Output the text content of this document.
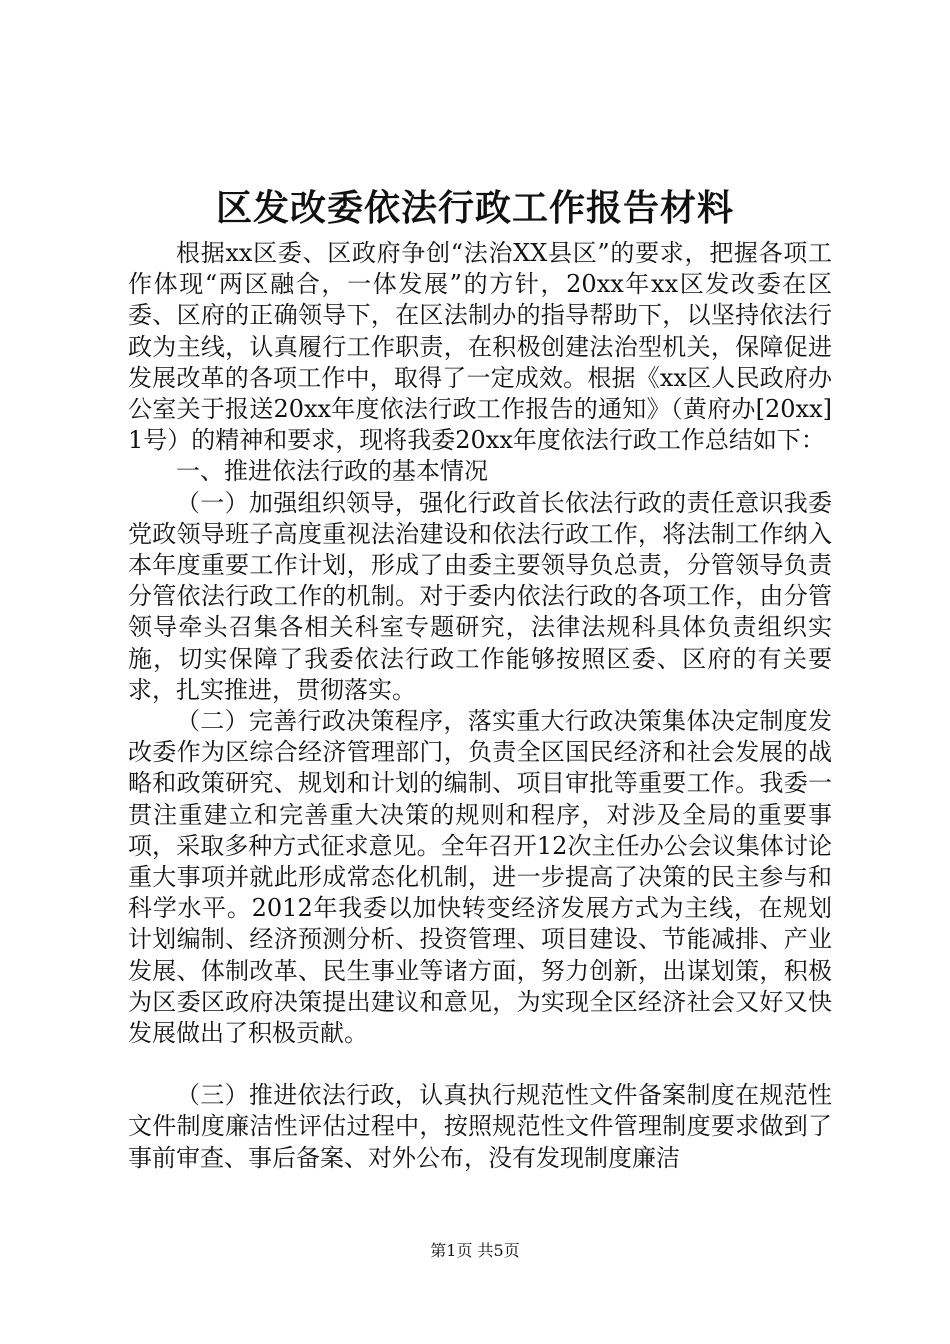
区发改委依法行政工作报告材料

根据xx区委、区政府争创“法治XX县区”的要求，把握各项工作体现“两区融合，一体发展”的方针，20xx年xx区发改委在区委、区府的正确领导下，在区法制办的指导帮助下，以坚持依法行政为主线，认真履行工作职责，在积极创建法治型机关，保障促进发展改革的各项工作中，取得了一定成效。根据《xx区人民政府办公室关于报送20xx年度依法行政工作报告的通知》（黄府办[20xx]1号）的精神和要求，现将我委20xx年度依法行政工作总结如下：

一、推进依法行政的基本情况

（一）加强组织领导，强化行政首长依法行政的责任意识我委党政领导班子高度重视法治建设和依法行政工作，将法制工作纳入本年度重要工作计划，形成了由委主要领导负总责，分管领导负责分管依法行政工作的机制。对于委内依法行政的各项工作，由分管领导牵头召集各相关科室专题研究，法律法规科具体负责组织实施，切实保障了我委依法行政工作能够按照区委、区府的有关要求，扎实推进，贯彻落实。

（二）完善行政决策程序，落实重大行政决策集体决定制度发改委作为区综合经济管理部门，负责全区国民经济和社会发展的战略和政策研究、规划和计划的编制、项目审批等重要工作。我委一贯注重建立和完善重大决策的规则和程序，对涉及全局的重要事项，采取多种方式征求意见。全年召开12次主任办公会议集体讨论重大事项并就此形成常态化机制，进一步提高了决策的民主参与和科学水平。2012年我委以加快转变经济发展方式为主线，在规划计划编制、经济预测分析、投资管理、项目建设、节能减排、产业发展、体制改革、民生事业等诸方面，努力创新，出谋划策，积极为区委区政府决策提出建议和意见，为实现全区经济社会又好又快发展做出了积极贡献。

（三）推进依法行政，认真执行规范性文件备案制度在规范性文件制度廉洁性评估过程中，按照规范性文件管理制度要求做到了事前审查、事后备案、对外公布，没有发现制度廉洁

第1页 共5页
